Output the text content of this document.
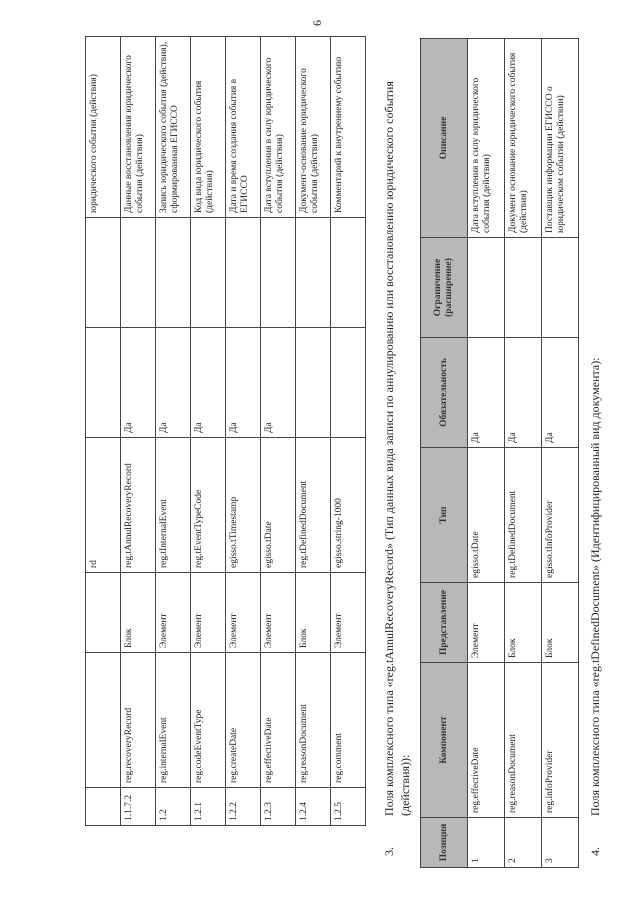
6
			rd			юридического события (действия)
1.1.7.2	reg.recoveryRecord	Блок	reg.tAnnulRecoveryRecord	Да		Данные восстановления юридического события (действия)
1.2	reg.internalEvent	Элемент	reg.tInternalEvent	Да		Запись юридического события (действия), сформированная ЕГИССО
1.2.1	reg.codeEventType	Элемент	reg.tEventTypeCode	Да		Код вида юридического события (действия)
1.2.2	reg.createDate	Элемент	egisso.tTimestamp	Да		Дата и время создания события в ЕГИССО
1.2.3	reg.effectiveDate	Элемент	egisso.tDate	Да		Дата вступления в силу юридического события (действия)
1.2.4	reg.reasonDocument	Блок	reg.tDefinedDocument			Документ-основание юридического события (действия)
1.2.5	reg.comment	Элемент	egisso.string-1000			Комментарий к внутреннему событию
3.
Поля комплексного типа «reg.tAnnulRecoveryRecord» (Тип данных вида записи по аннулированию или восстановлению юридического события (действия)):
Позиция	Компонент	Представление	Тип	Обязательность	Ограничение (расширение)	Описание
1	reg.effectiveDate	Элемент	egisso.tDate	Да		Дата вступления в силу юридического события (действия)
2	reg.reasonDocument	Блок	reg.tDefinedDocument	Да		Документ основание юридического события (действия)
3	reg.infoProvider	Блок	egisso.tInfoProvider	Да		Поставщик информации ЕГИССО о юридическом событии (действии)
4.
Поля комплексного типа «reg.tDefinedDocument» (Идентифицированный вид документа):
